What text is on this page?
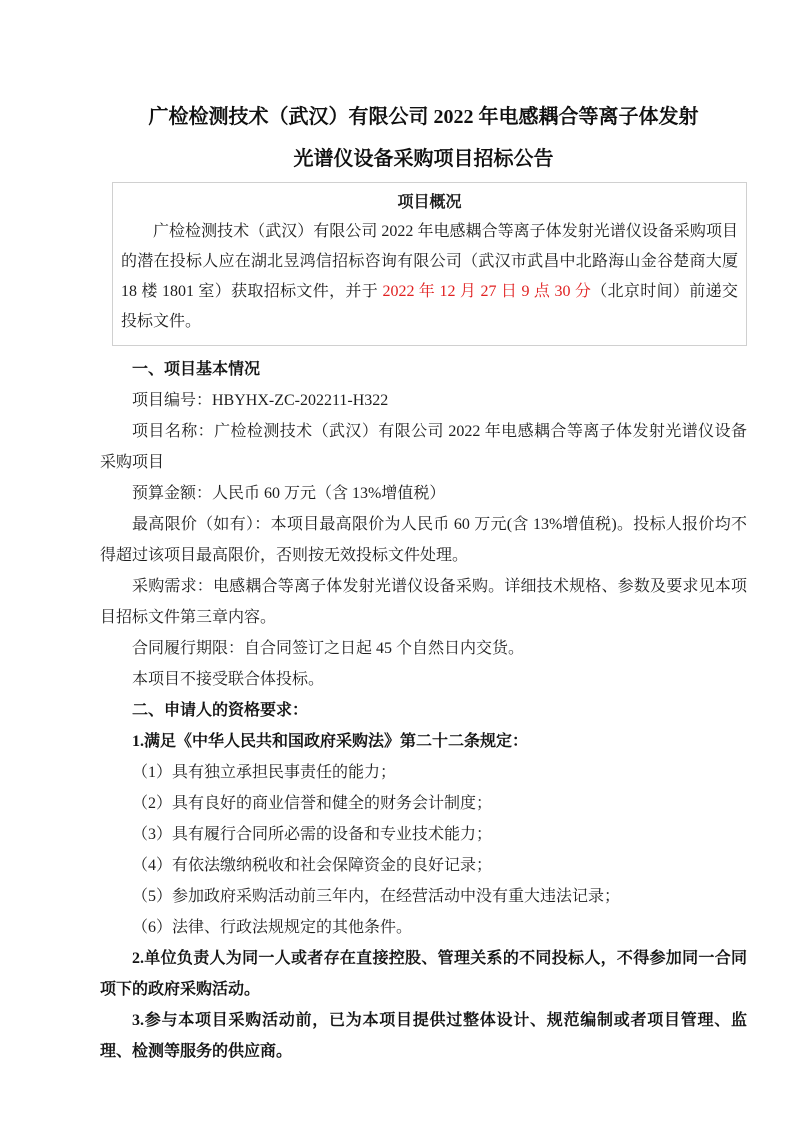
广检检测技术（武汉）有限公司 2022 年电感耦合等离子体发射
光谱仪设备采购项目招标公告
项目概况

广检检测技术（武汉）有限公司 2022 年电感耦合等离子体发射光谱仪设备采购项目的潜在投标人应在湖北昱鸿信招标咨询有限公司（武汉市武昌中北路海山金谷楚商大厦 18 楼 1801 室）获取招标文件，并于 2022 年 12 月 27 日 9 点 30 分（北京时间）前递交投标文件。

一、项目基本情况

项目编号：HBYHX-ZC-202211-H322

项目名称：广检检测技术（武汉）有限公司 2022 年电感耦合等离子体发射光谱仪设备采购项目

预算金额：人民币 60 万元（含 13%增值税）

最高限价（如有）：本项目最高限价为人民币 60 万元(含 13%增值税)。投标人报价均不得超过该项目最高限价，否则按无效投标文件处理。

采购需求：电感耦合等离子体发射光谱仪设备采购。详细技术规格、参数及要求见本项目招标文件第三章内容。

合同履行期限：自合同签订之日起 45 个自然日内交货。

本项目不接受联合体投标。

二、申请人的资格要求：

1.满足《中华人民共和国政府采购法》第二十二条规定：

（1）具有独立承担民事责任的能力；

（2）具有良好的商业信誉和健全的财务会计制度；

（3）具有履行合同所必需的设备和专业技术能力；

（4）有依法缴纳税收和社会保障资金的良好记录；

（5）参加政府采购活动前三年内，在经营活动中没有重大违法记录；

（6）法律、行政法规规定的其他条件。

2.单位负责人为同一人或者存在直接控股、管理关系的不同投标人，不得参加同一合同项下的政府采购活动。

3.参与本项目采购活动前，已为本项目提供过整体设计、规范编制或者项目管理、监理、检测等服务的供应商。
